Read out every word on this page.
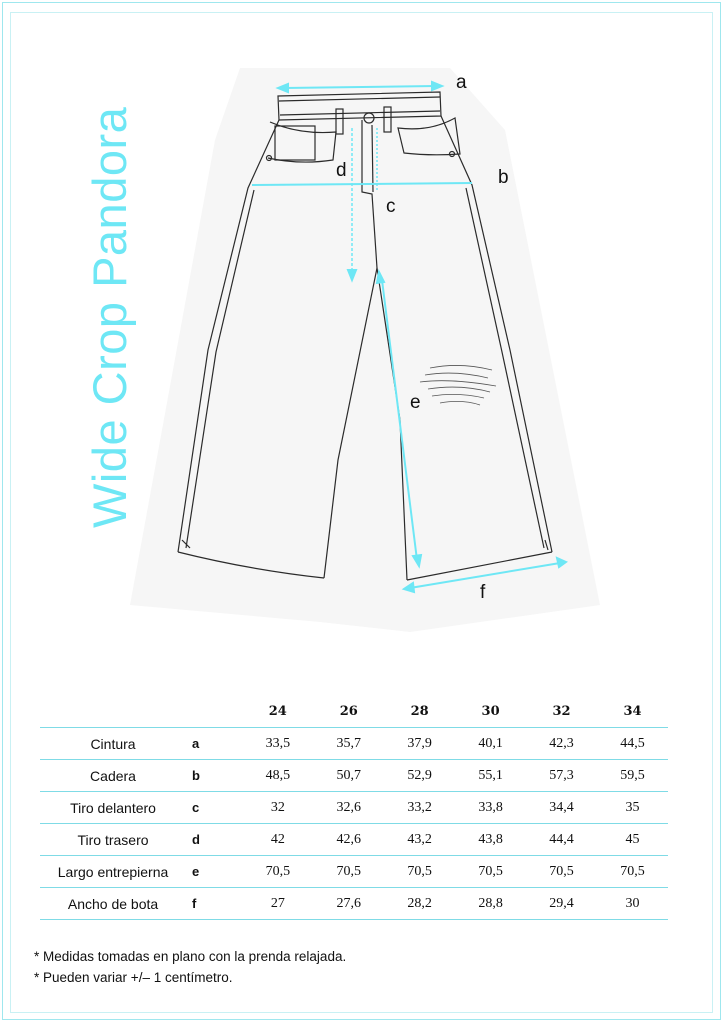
Wide Crop Pandora
a
b
c
d
e
f
		24	26	28	30	32	34
Cintura	a	33,5	35,7	37,9	40,1	42,3	44,5
Cadera	b	48,5	50,7	52,9	55,1	57,3	59,5
Tiro delantero	c	32	32,6	33,2	33,8	34,4	35
Tiro trasero	d	42	42,6	43,2	43,8	44,4	45
Largo entrepierna	e	70,5	70,5	70,5	70,5	70,5	70,5
Ancho de bota	f	27	27,6	28,2	28,8	29,4	30
* Medidas tomadas en plano con la prenda relajada.
* Pueden variar +/– 1 centímetro.
